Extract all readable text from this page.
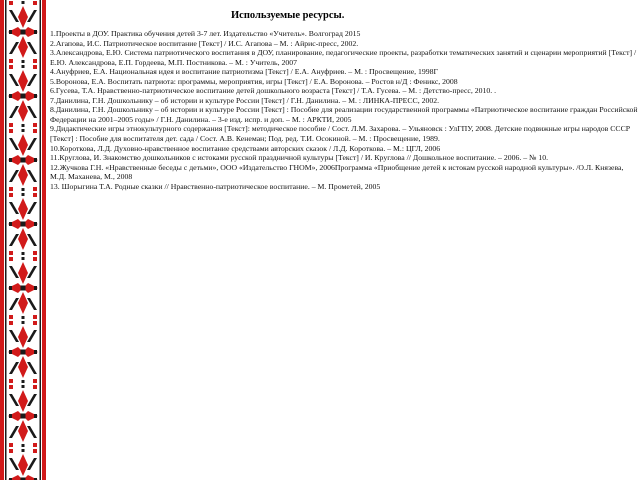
Используемые ресурсы.
1.Проекты в ДОУ. Практика обучения детей 3-7 лет. Издательство «Учитель». Волгоград 2015
2.Агапова, И.С. Патриотическое воспитание [Текст] / И.С. Агапова – М. : Айрис-пресс, 2002.
3.Александрова, Е.Ю. Система патриотического воспитания в ДОУ, планирование, педагогические проекты, разработки тематических занятий и сценарии мероприятий [Текст] / Е.Ю. Александрова, Е.П. Гордеева, М.П. Постникова. – М. : Учитель, 2007
4.Ануфриев, Е.А. Национальная идея и воспитание патриотизма [Текст] / Е.А. Ануфриев. – М. : Просвещение, 1998Г
5.Воронова, Е.А. Воспитать патриота: программы, мероприятия, игры [Текст] / Е.А. Воронова. – Ростов н/Д : Феникс, 2008
6.Гусева, Т.А. Нравственно-патриотическое воспитание детей дошкольного возраста [Текст] / Т.А. Гусева. – М. : Детство-пресс, 2010. .
7.Данилина, Г.Н. Дошкольнику – об истории и культуре России [Текст] / Г.Н. Данилина. – М. : ЛИНКА-ПРЕСС, 2002.
8.Данилина, Г.Н. Дошкольнику – об истории и культуре России [Текст] : Пособие для реализации государственной программы «Патриотическое воспитание граждан Российской Федерации на 2001–2005 годы» / Г.Н. Данилина. – 3-е изд. испр. и доп. – М. : АРКТИ, 2005
9.Дидактические игры этнокультурного содержания [Текст]: методическое пособие / Сост. Л.М. Захарова. – Ульяновск : УлГПУ, 2008. Детские подвижные игры народов СССР [Текст] : Пособие для воспитателя дет. сада / Сост. А.В. Кенеман; Под. ред. Т.И. Осокиной. – М. : Просвещение, 1989.
10.Короткова, Л.Д. Духовно-нравственное воспитание средствами авторских сказок / Л.Д. Короткова. – М.: ЦГЛ, 2006
11.Круглова, И. Знакомство дошкольников с истоками русской праздничной культуры [Текст] / И. Круглова // Дошкольное воспитание. – 2006. – № 10.
12.Жучкова Г.Н. «Нравственные беседы с детьми», ООО «Издательство ГНОМ», 2006Программа «Приобщение детей к истокам русской народной культуры». /О.Л. Князева, М.Д. Маханева, М., 2008
13. Шорыгина Т.А. Родные сказки // Нравственно-патриотическое воспитание. – М. Прометей, 2005
